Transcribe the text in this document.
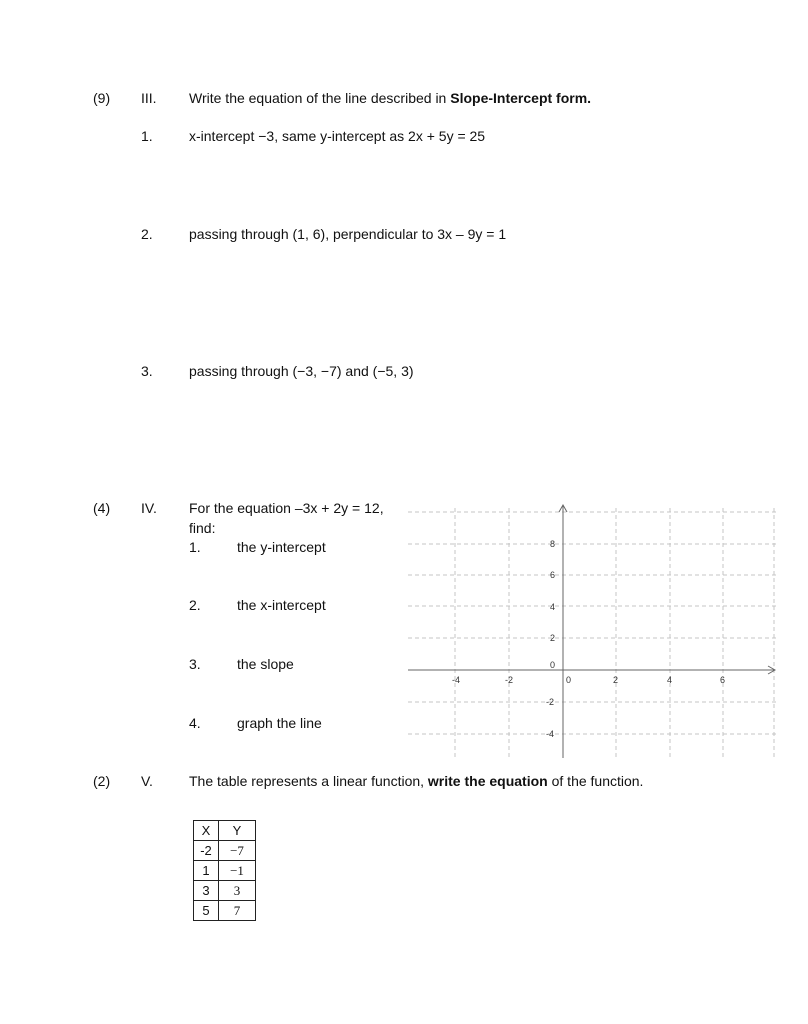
(9) III. Write the equation of the line described in Slope-Intercept form.
1.	x-intercept −3, same y-intercept as 2x + 5y = 25
2.	passing through (1, 6), perpendicular to 3x – 9y = 1
3.	passing through (−3, −7) and (−5, 3)
(4) IV. For the equation –3x + 2y = 12,
find:
1.	the y-intercept
2.	the x-intercept
3.	the slope
4.	graph the line
-4	-2	0	2	4	6
8
6
4
2
0
-2
-4
(2) V.	The table represents a linear function, write the equation of the function.
X	Y
-2	−7
1	−1
3	3
5	7
